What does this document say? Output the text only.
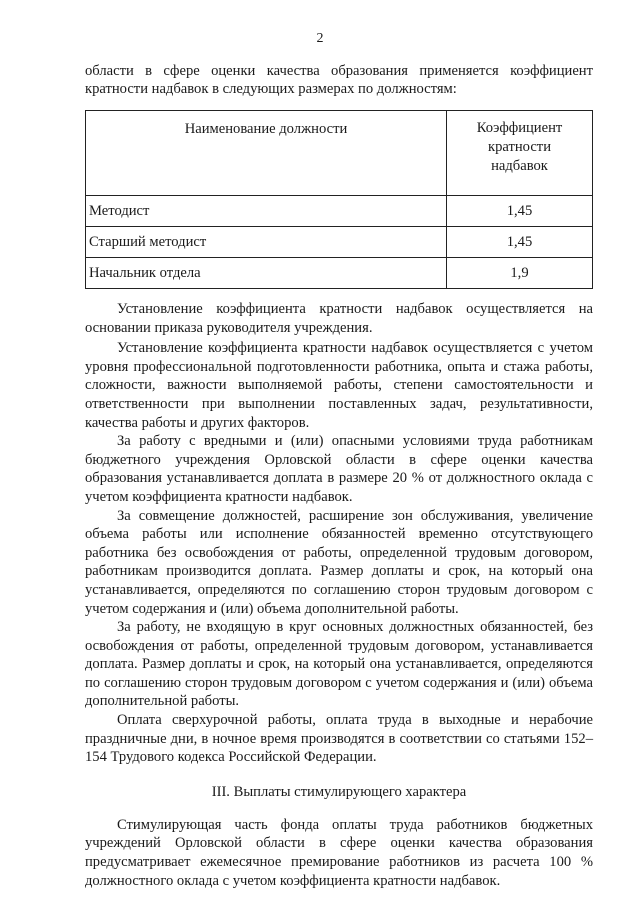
2

области в сфере оценки качества образования применяется коэффициент
кратности надбавок в следующих размерах по должностям:

Наименование должности	Коэффициент
кратности
надбавок
Методист	1,45
Старший методист	1,45
Начальник отдела	1,9

Установление коэффициента кратности надбавок осуществляется на основании приказа руководителя учреждения.

Установление коэффициента кратности надбавок осуществляется с учетом уровня профессиональной подготовленности работника, опыта и стажа работы, сложности, важности выполняемой работы, степени самостоятельности и ответственности при выполнении поставленных задач, результативности, качества работы и других факторов.

За работу с вредными и (или) опасными условиями труда работникам бюджетного учреждения Орловской области в сфере оценки качества образования устанавливается доплата в размере 20 % от должностного оклада с учетом коэффициента кратности надбавок.

За совмещение должностей, расширение зон обслуживания, увеличение объема работы или исполнение обязанностей временно отсутствующего работника без освобождения от работы, определенной трудовым договором, работникам производится доплата. Размер доплаты и срок, на который она устанавливается, определяются по соглашению сторон трудовым договором с учетом содержания и (или) объема дополнительной работы.

За работу, не входящую в круг основных должностных обязанностей, без освобождения от работы, определенной трудовым договором, устанавливается доплата. Размер доплаты и срок, на который она устанавливается, определяются по соглашению сторон трудовым договором с учетом содержания и (или) объема дополнительной работы.

Оплата сверхурочной работы, оплата труда в выходные и нерабочие праздничные дни, в ночное время производятся в соответствии со статьями 152–154 Трудового кодекса Российской Федерации.

III. Выплаты стимулирующего характера

Стимулирующая часть фонда оплаты труда работников бюджетных учреждений Орловской области в сфере оценки качества образования предусматривает ежемесячное премирование работников из расчета 100 % должностного оклада с учетом коэффициента кратности надбавок.
